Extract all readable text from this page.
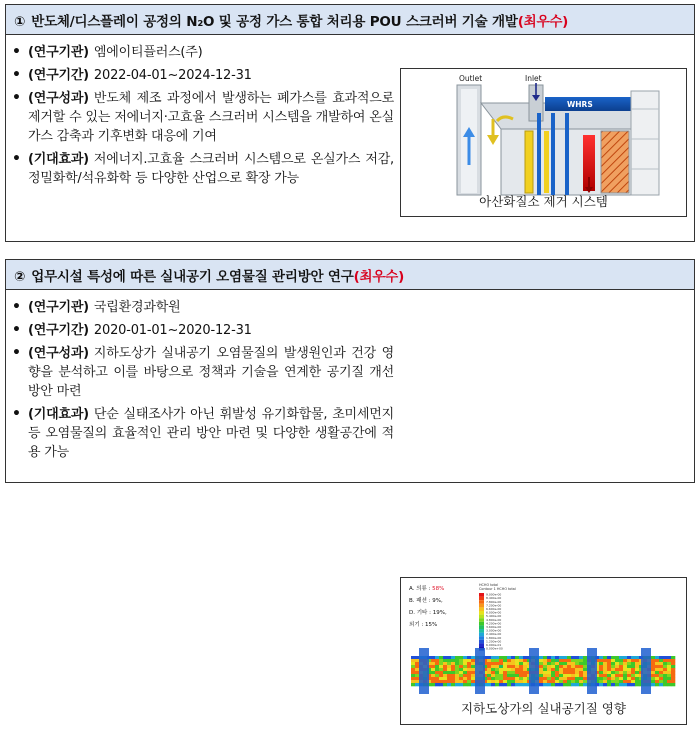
① 반도체/디스플레이 공정의 N₂O 및 공정 가스 통합 처리용 POU 스크러버 기술 개발(최우수)
• (연구기관) 엠에이티플러스(주)
• (연구기간) 2022-04-01~2024-12-31
• (연구성과) 반도체 제조 과정에서 발생하는 폐가스를 효과적으로 제거할 수 있는 저에너지·고효율 스크러버 시스템을 개발하여 온실가스 감축과 기후변화 대응에 기여
• (기대효과) 저에너지.고효율 스크러버 시스템으로 온실가스 저감, 정밀화학/석유화학 등 다양한 산업으로 확장 가능
Outlet	Inlet
WHRS
아산화질소 제거 시스템
② 업무시설 특성에 따른 실내공기 오염물질 관리방안 연구(최우수)
• (연구기관) 국립환경과학원
• (연구기간) 2020-01-01~2020-12-31
• (연구성과) 지하도상가 실내공기 오염물질의 발생원인과 건강 영향을 분석하고 이를 바탕으로 정책과 기술을 연계한 공기질 개선 방안 마련
• (기대효과) 단순 실태조사가 아닌 휘발성 유기화합물, 초미세먼지 등 오염물질의 효율적인 관리 방안 마련 및 다양한 생활공간에 적용 가능
A. 의류 : 58%
B. 패션 : 9%,
D. 기타 : 19%,
외기 : 15%
HCHO total
Contour 1 HCHO total
9.000e-00
8.400e-00
7.800e-00
7.200e-00
6.600e-00
6.000e-00
5.400e-00
4.800e-00
4.200e-00
3.600e-00
3.000e-00
2.400e-00
1.800e-00
1.200e-00
6.000e-01
0.000e+00
지하도상가의 실내공기질 영향
